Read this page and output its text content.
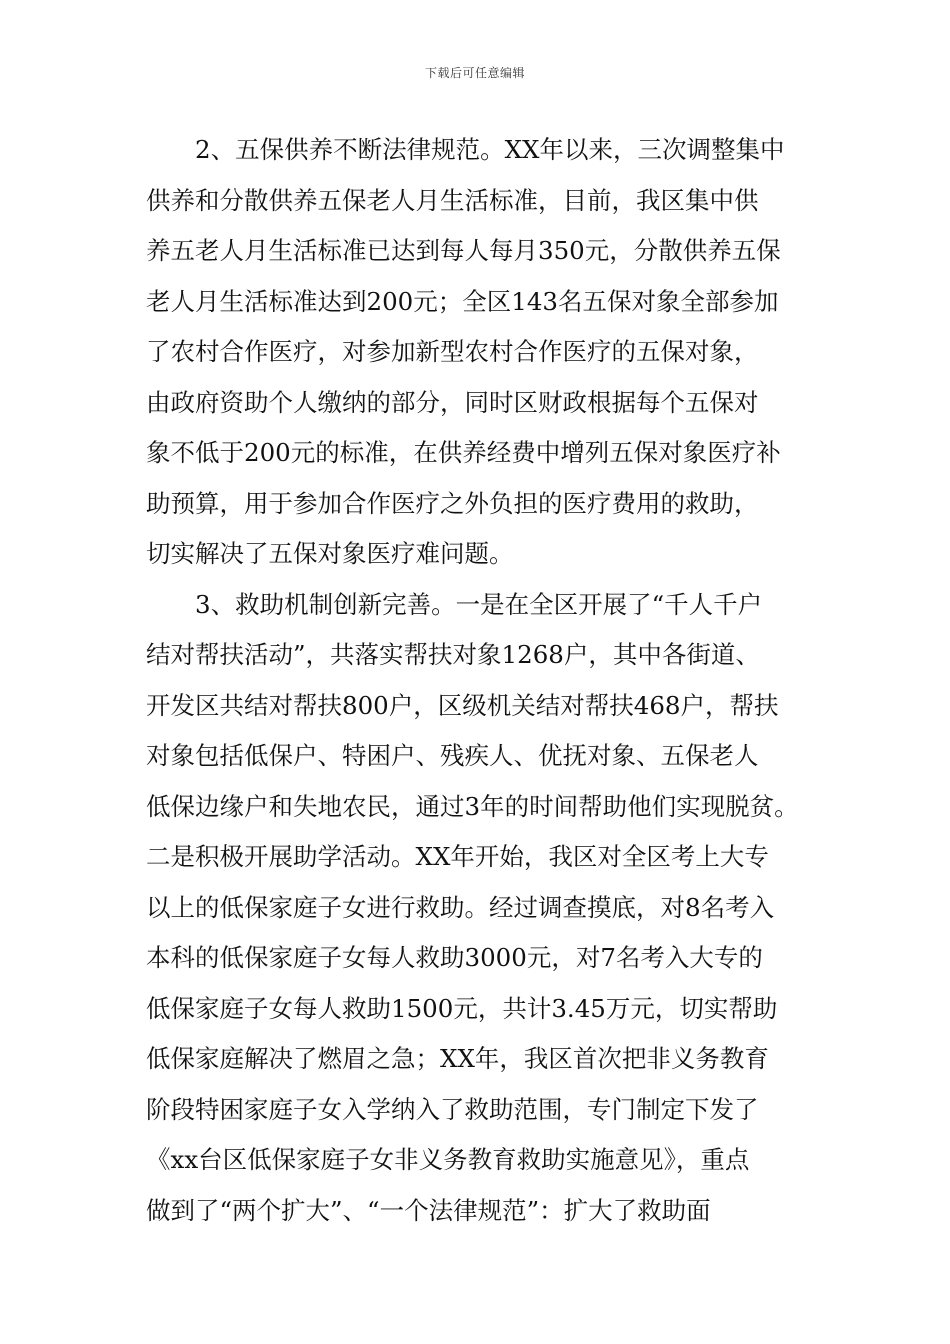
下载后可任意编辑
2、五保供养不断法律规范。XX年以来，三次调整集中
供养和分散供养五保老人月生活标准，目前，我区集中供
养五老人月生活标准已达到每人每月350元，分散供养五保
老人月生活标准达到200元；全区143名五保对象全部参加
了农村合作医疗，对参加新型农村合作医疗的五保对象，
由政府资助个人缴纳的部分，同时区财政根据每个五保对
象不低于200元的标准，在供养经费中增列五保对象医疗补
助预算，用于参加合作医疗之外负担的医疗费用的救助，
切实解决了五保对象医疗难问题。
3、救助机制创新完善。一是在全区开展了“千人千户
结对帮扶活动”，共落实帮扶对象1268户，其中各街道、
开发区共结对帮扶800户，区级机关结对帮扶468户，帮扶
对象包括低保户、特困户、残疾人、优抚对象、五保老人
低保边缘户和失地农民，通过3年的时间帮助他们实现脱贫。
二是积极开展助学活动。XX年开始，我区对全区考上大专
以上的低保家庭子女进行救助。经过调查摸底，对8名考入
本科的低保家庭子女每人救助3000元，对7名考入大专的
低保家庭子女每人救助1500元，共计3.45万元，切实帮助
低保家庭解决了燃眉之急；XX年，我区首次把非义务教育
阶段特困家庭子女入学纳入了救助范围，专门制定下发了
《xx台区低保家庭子女非义务教育救助实施意见》，重点
做到了“两个扩大”、“一个法律规范”：扩大了救助面
